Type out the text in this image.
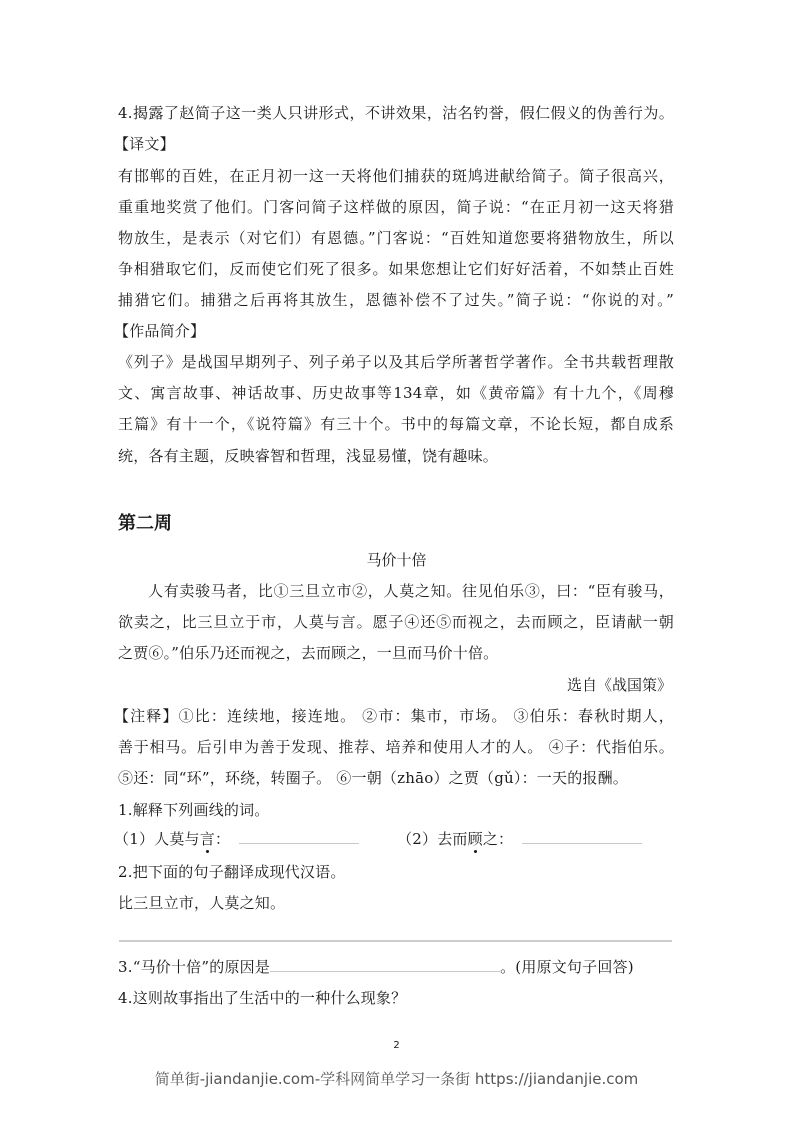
4.揭露了赵简子这一类人只讲形式，不讲效果，沽名钓誉，假仁假义的伪善行为。
【译文】
有邯郸的百姓，在正月初一这一天将他们捕获的斑鸠进献给简子。简子很高兴，
重重地奖赏了他们。门客问简子这样做的原因，简子说：“在正月初一这天将猎
物放生，是表示（对它们）有恩德。”门客说：“百姓知道您要将猎物放生，所以
争相猎取它们，反而使它们死了很多。如果您想让它们好好活着，不如禁止百姓
捕猎它们。捕猎之后再将其放生，恩德补偿不了过失。”简子说：“你说的对。”
【作品简介】
《列子》是战国早期列子、列子弟子以及其后学所著哲学著作。全书共载哲理散
文、寓言故事、神话故事、历史故事等134章，如《黄帝篇》有十九个，《周穆
王篇》有十一个，《说符篇》有三十个。书中的每篇文章，不论长短，都自成系
统，各有主题，反映睿智和哲理，浅显易懂，饶有趣味。
第二周
马价十倍
人有卖骏马者，比①三旦立市②，人莫之知。往见伯乐③，曰：“臣有骏马，
欲卖之，比三旦立于市，人莫与言。愿子④还⑤而视之，去而顾之，臣请献一朝
之贾⑥。”伯乐乃还而视之，去而顾之，一旦而马价十倍。
选自《战国策》
【注释】①比：连续地，接连地。 ②市：集市，市场。 ③伯乐：春秋时期人，
善于相马。后引申为善于发现、推荐、培养和使用人才的人。 ④子：代指伯乐。
⑤还：同“环”，环绕，转圈子。 ⑥一朝（zhāo）之贾（gǔ）：一天的报酬。
1.解释下列画线的词。
（1）人莫与言：	（2）去而顾之：
2.把下面的句子翻译成现代汉语。
比三旦立市，人莫之知。
3.“马价十倍”的原因是	。(用原文句子回答)
4.这则故事指出了生活中的一种什么现象？
2
简单街-jiandanjie.com-学科网简单学习一条街 https://jiandanjie.com
